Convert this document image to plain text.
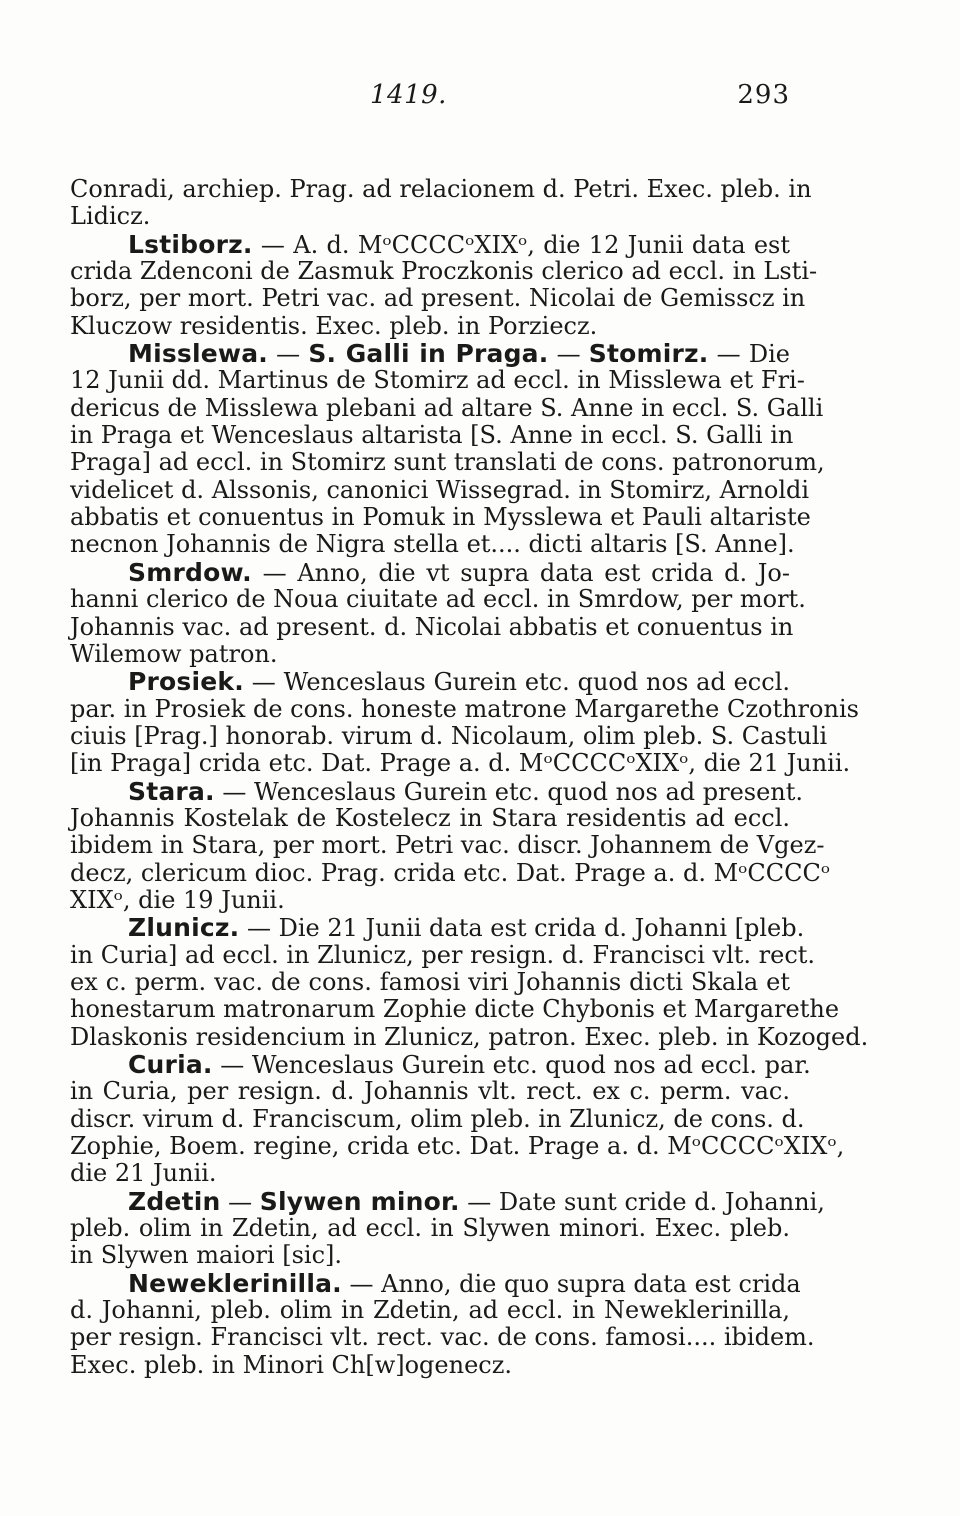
1419.	293
Conradi, archiep. Prag. ad relacionem d. Petri. Exec. pleb. in
Lidicz.
Lstiborz. — A. d. MᵒCCCCᵒXIXᵒ, die 12 Junii data est
crida Zdenconi de Zasmuk Proczkonis clerico ad eccl. in Lsti-
borz, per mort. Petri vac. ad present. Nicolai de Gemissсz in
Kluczow residentis. Exec. pleb. in Porziecz.
Misslewa. — S. Galli in Praga. — Stomirz. — Die
12 Junii dd. Martinus de Stomirz ad eccl. in Misslewa et Fri-
dericus de Misslewa plebani ad altare S. Anne in eccl. S. Galli
in Praga et Wenceslaus altarista [S. Anne in eccl. S. Galli in
Praga] ad eccl. in Stomirz sunt translati de cons. patronorum,
videlicet d. Alssonis, canonici Wissegrad. in Stomirz, Arnoldi
abbatis et conuentus in Pomuk in Mysslewa et Pauli altariste
necnon Johannis de Nigra stella et.... dicti altaris [S. Anne].
Smrdow. — Anno, die vt supra data est crida d. Jo-
hanni clerico de Noua ciuitate ad eccl. in Smrdow, per mort.
Johannis vac. ad present. d. Nicolai abbatis et conuentus in
Wilemow patron.
Prosiek. — Wenceslaus Gurein etc. quod nos ad eccl.
par. in Prosiek de cons. honeste matrone Margarethe Czothronis
ciuis [Prag.] honorab. virum d. Nicolaum, olim pleb. S. Castuli
[in Praga] crida etc. Dat. Prage a. d. MᵒCCCCᵒXIXᵒ, die 21 Junii.
Stara. — Wenceslaus Gurein etc. quod nos ad present.
Johannis Kostelak de Kostelecz in Stara residentis ad eccl.
ibidem in Stara, per mort. Petri vac. discr. Johannem de Vgez-
decz, clericum dioc. Prag. crida etc. Dat. Prage a. d. MᵒCCCCᵒ
XIXᵒ, die 19 Junii.
Zlunicz. — Die 21 Junii data est crida d. Johanni [pleb.
in Curia] ad eccl. in Zlunicz, per resign. d. Francisci vlt. rect.
ex c. perm. vac. de cons. famosi viri Johannis dicti Skala et
honestarum matronarum Zophie dicte Chybonis et Margarethe
Dlaskonis residencium in Zlunicz, patron. Exec. pleb. in Kozoged.
Curia. — Wenceslaus Gurein etc. quod nos ad eccl. par.
in Curia, per resign. d. Johannis vlt. rect. ex c. perm. vac.
discr. virum d. Franciscum, olim pleb. in Zlunicz, de cons. d.
Zophie, Boem. regine, crida etc. Dat. Prage a. d. MᵒCCCCᵒXIXᵒ,
die 21 Junii.
Zdetin — Slywen minor. — Date sunt cride d. Johanni,
pleb. olim in Zdetin, ad eccl. in Slywen minori. Exec. pleb.
in Slywen maiori [sic].
Neweklerinilla. — Anno, die quo supra data est crida
d. Johanni, pleb. olim in Zdetin, ad eccl. in Neweklerinilla,
per resign. Francisci vlt. rect. vac. de cons. famosi.... ibidem.
Exec. pleb. in Minori Ch[w]ogenecz.
